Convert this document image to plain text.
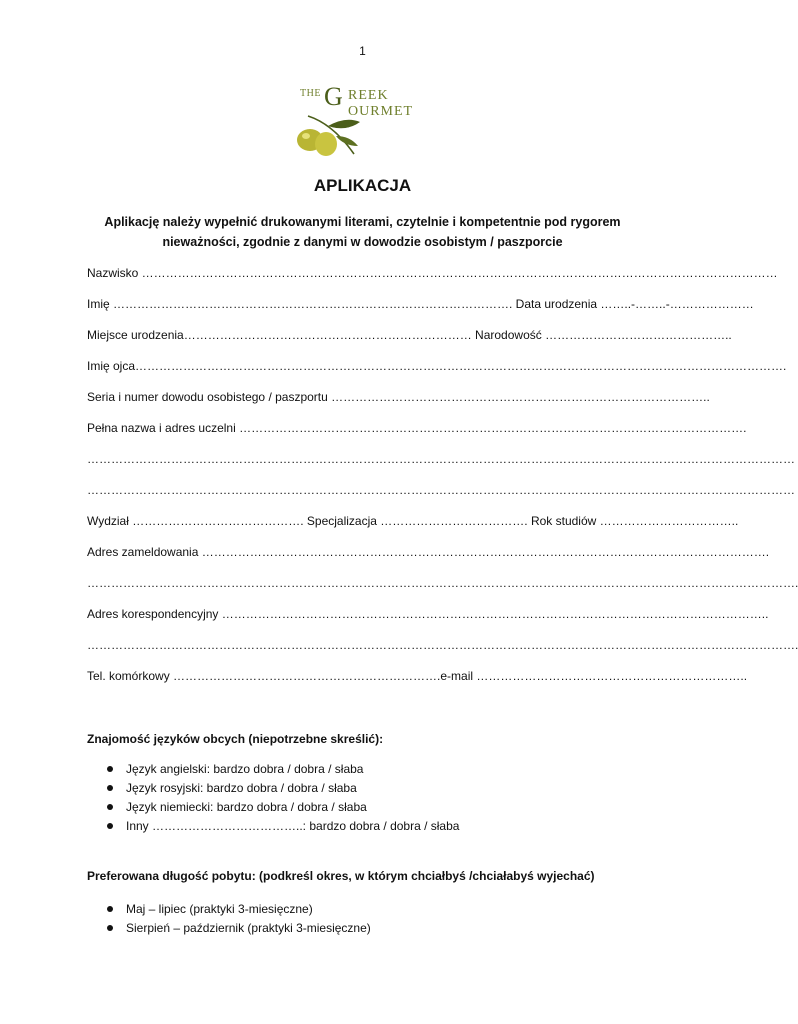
1
THE G REEK
OURMET
APLIKACJA
Aplikację należy wypełnić drukowanymi literami, czytelnie i kompetentnie pod rygorem
nieważności, zgodnie z danymi w dowodzie osobistym / paszporcie
Nazwisko ……………………………………………………………………………………………………………………………………………
Imię ………………………………………………………………………………………. Data urodzenia ……..-……..-…………………
Miejsce urodzenia……………………………………………………………… Narodowość ………………………………………..
Imię ojca……………………………………………………………………………………………………………………………………………….
Seria i numer dowodu osobistego / paszportu …………………………………………………………………………………..
Pełna nazwa i adres uczelni ……………………………………………………………………………………………………………….
……………………………………………………………………………………………………………………………………………………………
……………………………………………………………………………………………………………………………………………………………
Wydział ……………………………………. Specjalizacja ………………………………. Rok studiów ……………………………..
Adres zameldowania …………………………………………………………………………………………………………………………….
…………………………………………………………………………………………………………………………………………………………….
Adres korespondencyjny ………………………………………………………………………………………………………………………..
…………………………………………………………………………………………………………………………………………………………….
Tel. komórkowy ………………………………………………………….e-mail …………………………………………………………..
Znajomość języków obcych (niepotrzebne skreślić):
Język angielski: bardzo dobra / dobra / słaba
Język rosyjski: bardzo dobra / dobra / słaba
Język niemiecki: bardzo dobra / dobra / słaba
Inny ………………………………..: bardzo dobra / dobra / słaba
Preferowana długość pobytu: (podkreśl okres, w którym chciałbyś /chciałabyś wyjechać)
Maj – lipiec (praktyki 3-miesięczne)
Sierpień – październik (praktyki 3-miesięczne)
